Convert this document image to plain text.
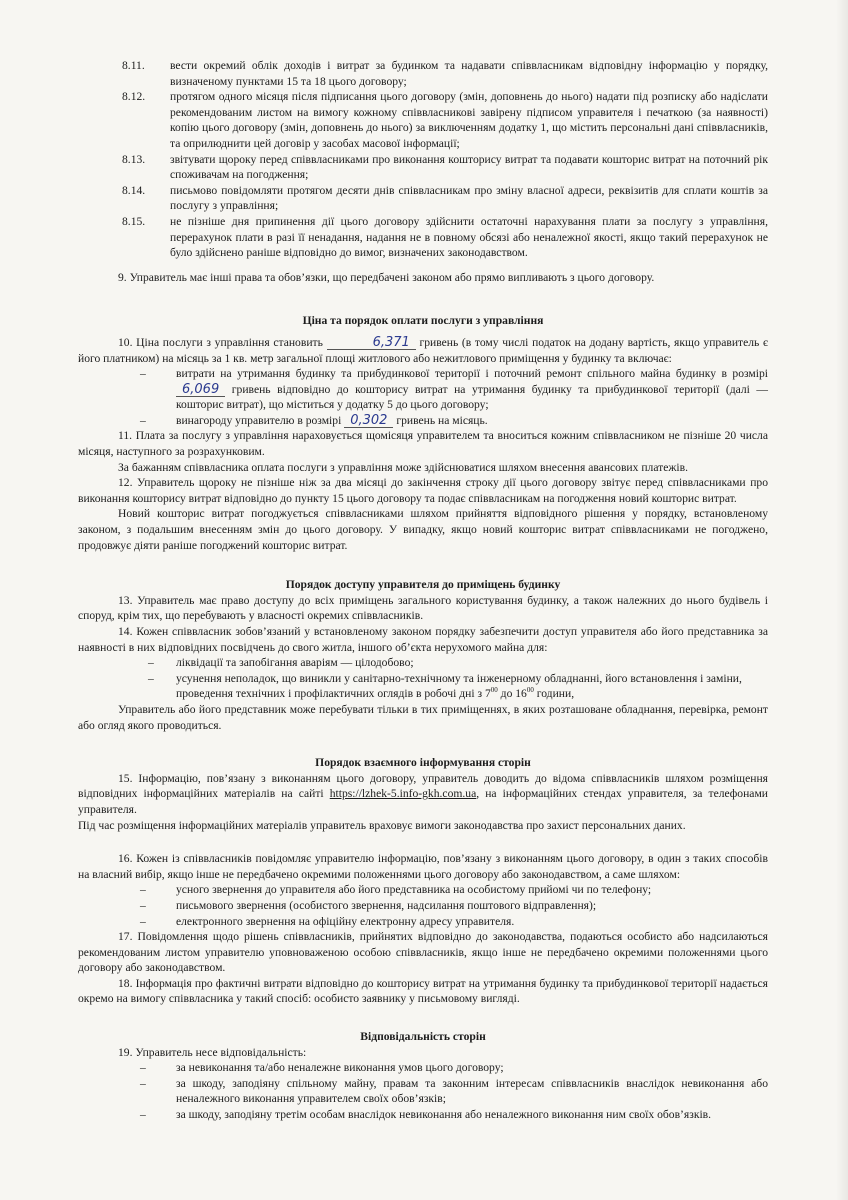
8.11. вести окремий облік доходів і витрат за будинком та надавати співвласникам відповідну інформацію у порядку, визначеному пунктами 15 та 18 цього договору;
8.12. протягом одного місяця після підписання цього договору (змін, доповнень до нього) надати під розписку або надіслати рекомендованим листом на вимогу кожному співвласникові завірену підписом управителя і печаткою (за наявності) копію цього договору (змін, доповнень до нього) за виключенням додатку 1, що містить персональні дані співвласників, та оприлюднити цей договір у засобах масової інформації;
8.13. звітувати щороку перед співвласниками про виконання кошторису витрат та подавати кошторис витрат на поточний рік споживачам на погодження;
8.14. письмово повідомляти протягом десяти днів співвласникам про зміну власної адреси, реквізитів для сплати коштів за послугу з управління;
8.15. не пізніше дня припинення дії цього договору здійснити остаточні нарахування плати за послугу з управління, перерахунок плати в разі її ненадання, надання не в повному обсязі або неналежної якості, якщо такий перерахунок не було здійснено раніше відповідно до вимог, визначених законодавством.

9. Управитель має інші права та обов’язки, що передбачені законом або прямо випливають з цього договору.

Ціна та порядок оплати послуги з управління

10. Ціна послуги з управління становить	6,371 гривень (в тому числі податок на додану вартість, якщо управитель є його платником) на місяць за 1 кв. метр загальної площі житлового або нежитлового приміщення у будинку та включає:

–	витрати на утримання будинку та прибудинкової території і поточний ремонт спільного майна будинку в розмірі 6,069 гривень відповідно до кошторису витрат на утримання будинку та прибудинкової території (далі — кошторис витрат), що міститься у додатку 5 до цього договору;
–	винагороду управителю в розмірі 0,302 гривень на місяць.

11. Плата за послугу з управління нараховується щомісяця управителем та вноситься кожним співвласником не пізніше 20 числа місяця, наступного за розрахунковим.

За бажанням співвласника оплата послуги з управління може здійснюватися шляхом внесення авансових платежів.

12. Управитель щороку не пізніше ніж за два місяці до закінчення строку дії цього договору звітує перед співвласниками про виконання кошторису витрат відповідно до пункту 15 цього договору та подає співвласникам на погодження новий кошторис витрат.

Новий кошторис витрат погоджується співвласниками шляхом прийняття відповідного рішення у порядку, встановленому законом, з подальшим внесенням змін до цього договору. У випадку, якщо новий кошторис витрат співвласниками не погоджено, продовжує діяти раніше погоджений кошторис витрат.

Порядок доступу управителя до приміщень будинку

13. Управитель має право доступу до всіх приміщень загального користування будинку, а також належних до нього будівель і споруд, крім тих, що перебувають у власності окремих співвласників.

14. Кожен співвласник зобов’язаний у встановленому законом порядку забезпечити доступ управителя або його представника за наявності в них відповідних посвідчень до свого житла, іншого об’єкта нерухомого майна для:

– ліквідації та запобігання аваріям — цілодобово;
– усунення неполадок, що виникли у санітарно-технічному та інженерному обладнанні, його встановлення і заміни, проведення технічних і профілактичних оглядів в робочі дні з $7^{00}$ до $16^{00}$ години,

Управитель або його представник може перебувати тільки в тих приміщеннях, в яких розташоване обладнання, перевірка, ремонт або огляд якого проводиться.

Порядок взаємного інформування сторін

15. Інформацію, пов’язану з виконанням цього договору, управитель доводить до відома співвласників шляхом розміщення відповідних інформаційних матеріалів на сайті https://lzhek-5.info-gkh.com.ua, на інформаційних стендах управителя, за телефонами управителя.

Під час розміщення інформаційних матеріалів управитель враховує вимоги законодавства про захист персональних даних.

16. Кожен із співвласників повідомляє управителю інформацію, пов’язану з виконанням цього договору, в один з таких способів на власний вибір, якщо інше не передбачено окремими положеннями цього договору або законодавством, а саме шляхом:

–	усного звернення до управителя або його представника на особистому прийомі чи по телефону;
–	письмового звернення (особистого звернення, надсилання поштового відправлення);
–	електронного звернення на офіційну електронну адресу управителя.

17. Повідомлення щодо рішень співвласників, прийнятих відповідно до законодавства, подаються особисто або надсилаються рекомендованим листом управителю уповноваженою особою співвласників, якщо інше не передбачено окремими положеннями цього договору або законодавством.

18. Інформація про фактичні витрати відповідно до кошторису витрат на утримання будинку та прибудинкової території надається окремо на вимогу співвласника у такий спосіб: особисто заявнику у письмовому вигляді.

Відповідальність сторін

19. Управитель несе відповідальність:

–	за невиконання та/або неналежне виконання умов цього договору;
–	за шкоду, заподіяну спільному майну, правам та законним інтересам співвласників внаслідок невиконання або неналежного виконання управителем своїх обов’язків;
–	за шкоду, заподіяну третім особам внаслідок невиконання або неналежного виконання ним своїх обов’язків.
